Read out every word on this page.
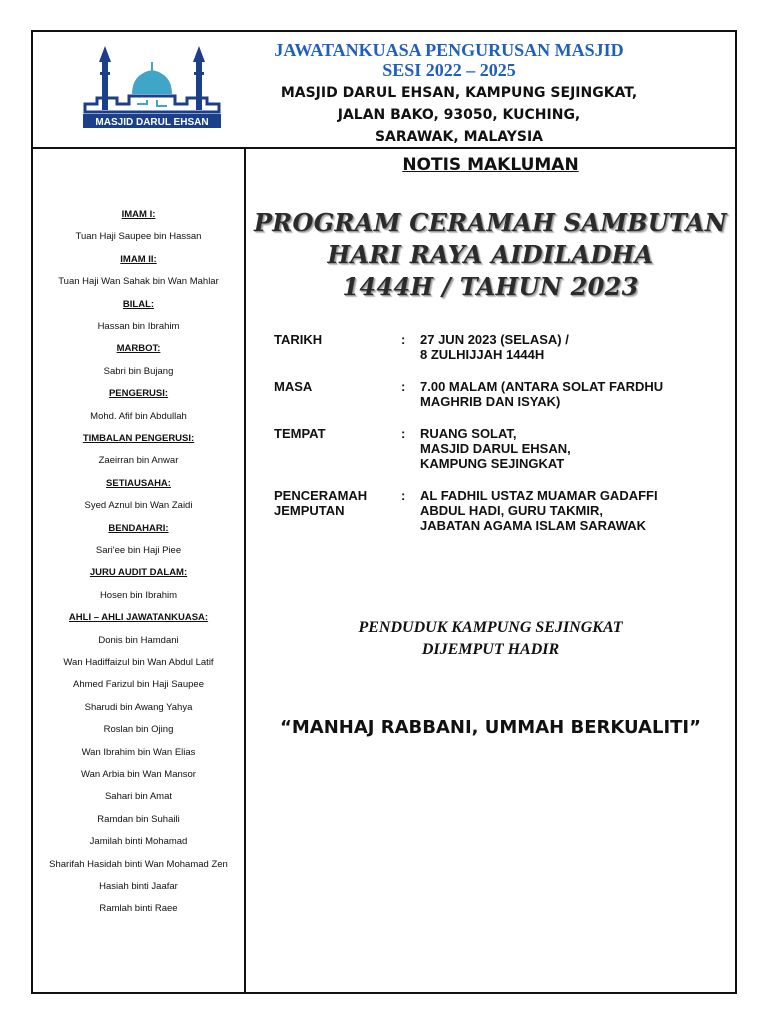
MASJID DARUL EHSAN
JAWATANKUASA PENGURUSAN MASJID
SESI 2022 – 2025
MASJID DARUL EHSAN, KAMPUNG SEJINGKAT,
JALAN BAKO, 93050, KUCHING,
SARAWAK, MALAYSIA
IMAM I:
Tuan Haji Saupee bin Hassan
IMAM II:
Tuan Haji Wan Sahak bin Wan Mahlar
BILAL:
Hassan bin Ibrahim
MARBOT:
Sabri bin Bujang
PENGERUSI:
Mohd. Afif bin Abdullah
TIMBALAN PENGERUSI:
Zaeirran bin Anwar
SETIAUSAHA:
Syed Aznul bin Wan Zaidi
BENDAHARI:
Sari'ee bin Haji Piee
JURU AUDIT DALAM:
Hosen bin Ibrahim
AHLI – AHLI JAWATANKUASA:
Donis bin Hamdani
Wan Hadiffaizul bin Wan Abdul Latif
Ahmed Farizul bin Haji Saupee
Sharudi bin Awang Yahya
Roslan bin Ojing
Wan Ibrahim bin Wan Elias
Wan Arbia bin Wan Mansor
Sahari bin Amat
Ramdan bin Suhaili
Jamilah binti Mohamad
Sharifah Hasidah binti Wan Mohamad Zen
Hasiah binti Jaafar
Ramlah binti Raee
NOTIS MAKLUMAN
PROGRAM CERAMAH SAMBUTAN
HARI RAYA AIDILADHA
1444H / TAHUN 2023
TARIKH	: 27 JUN 2023 (SELASA) /
8 ZULHIJJAH 1444H
MASA	: 7.00 MALAM (ANTARA SOLAT FARDHU
MAGHRIB DAN ISYAK)
TEMPAT	: RUANG SOLAT,
MASJID DARUL EHSAN,
KAMPUNG SEJINGKAT
PENCERAMAH
JEMPUTAN
: AL FADHIL USTAZ MUAMAR GADAFFI
ABDUL HADI, GURU TAKMIR,
JABATAN AGAMA ISLAM SARAWAK
PENDUDUK KAMPUNG SEJINGKAT
DIJEMPUT HADIR
“MANHAJ RABBANI, UMMAH BERKUALITI”
